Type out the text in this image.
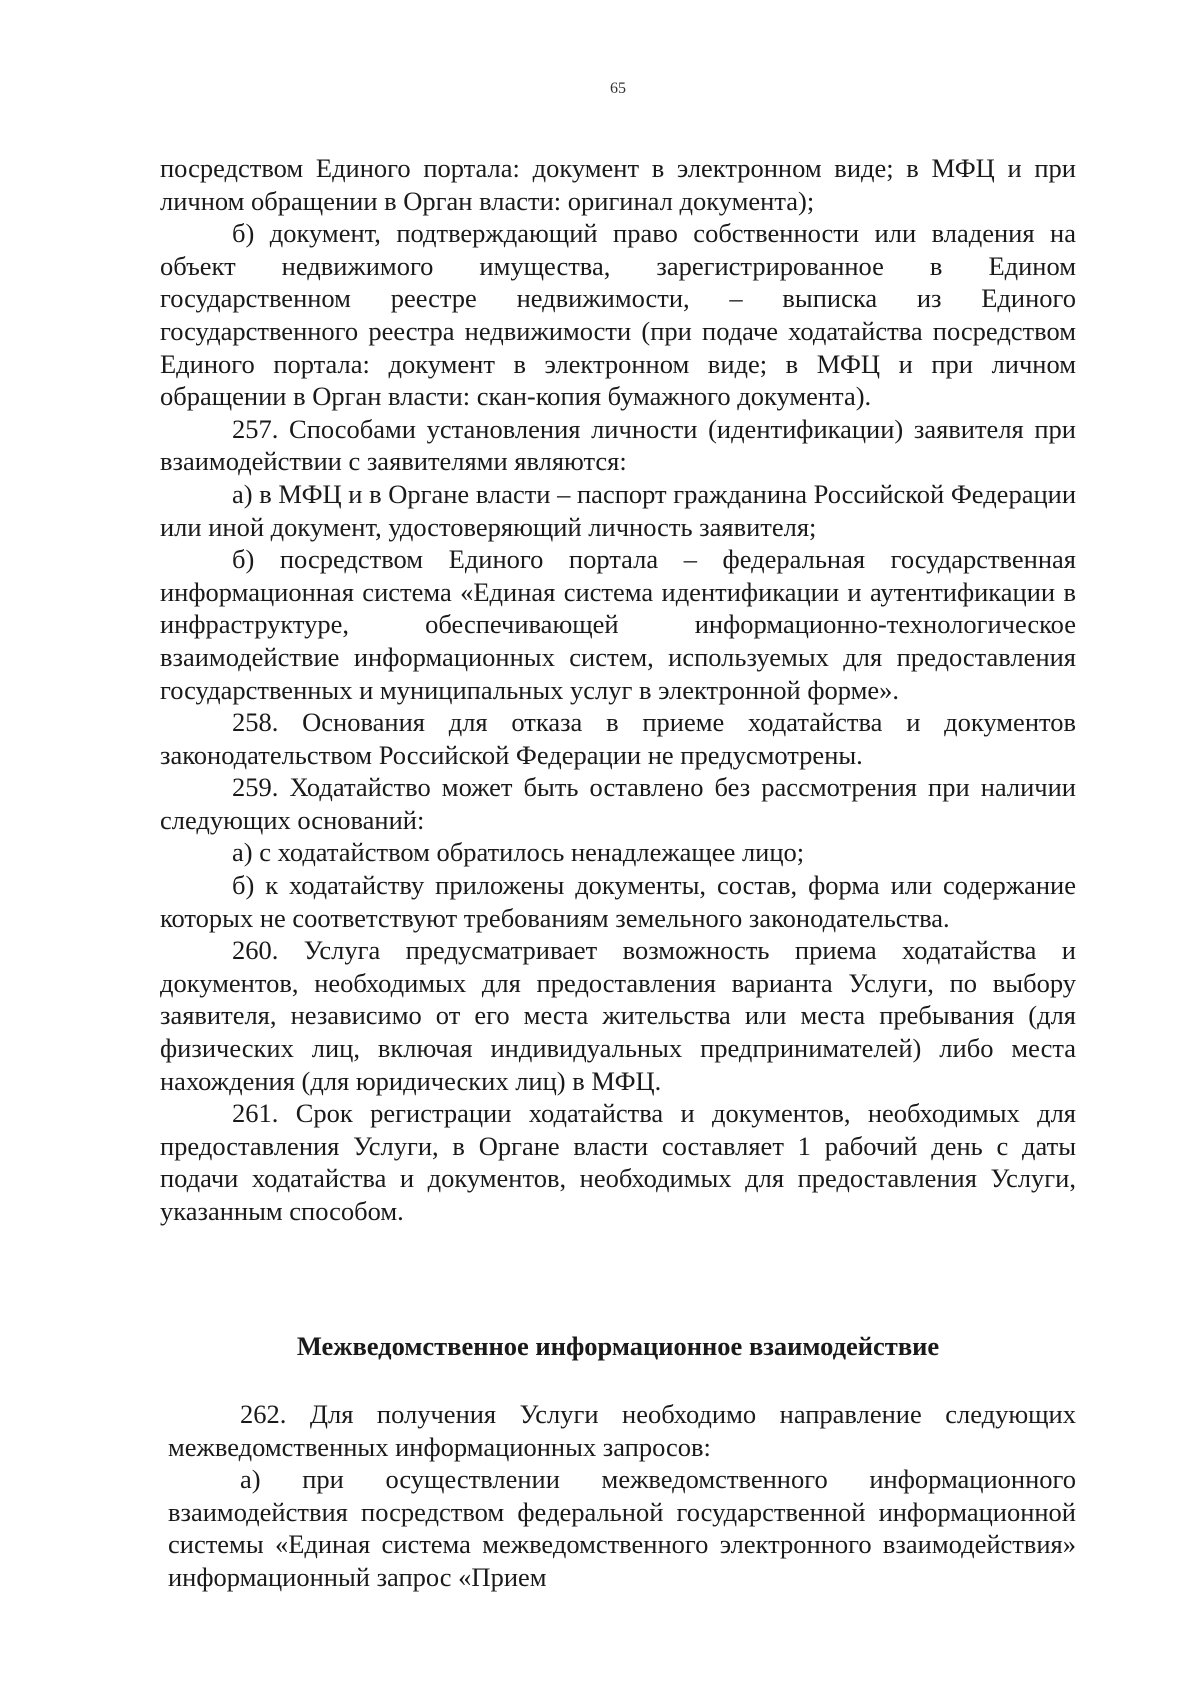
65

посредством Единого портала: документ в электронном виде; в МФЦ и при личном обращении в Орган власти: оригинал документа);

б) документ, подтверждающий право собственности или владения на объект недвижимого имущества, зарегистрированное в Едином государственном реестре недвижимости, – выписка из Единого государственного реестра недвижимости (при подаче ходатайства посредством Единого портала: документ в электронном виде; в МФЦ и при личном обращении в Орган власти: скан-копия бумажного документа).

257. Способами установления личности (идентификации) заявителя при взаимодействии с заявителями являются:

а) в МФЦ и в Органе власти – паспорт гражданина Российской Федерации или иной документ, удостоверяющий личность заявителя;

б) посредством Единого портала – федеральная государственная информационная система «Единая система идентификации и аутентификации в инфраструктуре, обеспечивающей информационно-технологическое взаимодействие информационных систем, используемых для предоставления государственных и муниципальных услуг в электронной форме».

258. Основания для отказа в приеме ходатайства и документов законодательством Российской Федерации не предусмотрены.

259. Ходатайство может быть оставлено без рассмотрения при наличии следующих оснований:

а) с ходатайством обратилось ненадлежащее лицо;

б) к ходатайству приложены документы, состав, форма или содержание которых не соответствуют требованиям земельного законодательства.

260. Услуга предусматривает возможность приема ходатайства и документов, необходимых для предоставления варианта Услуги, по выбору заявителя, независимо от его места жительства или места пребывания (для физических лиц, включая индивидуальных предпринимателей) либо места нахождения (для юридических лиц) в МФЦ.

261. Срок регистрации ходатайства и документов, необходимых для предоставления Услуги, в Органе власти составляет 1 рабочий день с даты подачи ходатайства и документов, необходимых для предоставления Услуги, указанным способом.

Межведомственное информационное взаимодействие

262. Для получения Услуги необходимо направление следующих межведомственных информационных запросов:

а) при осуществлении межведомственного информационного взаимодействия посредством федеральной государственной информационной системы «Единая система межведомственного электронного взаимодействия» информационный запрос «Прием
